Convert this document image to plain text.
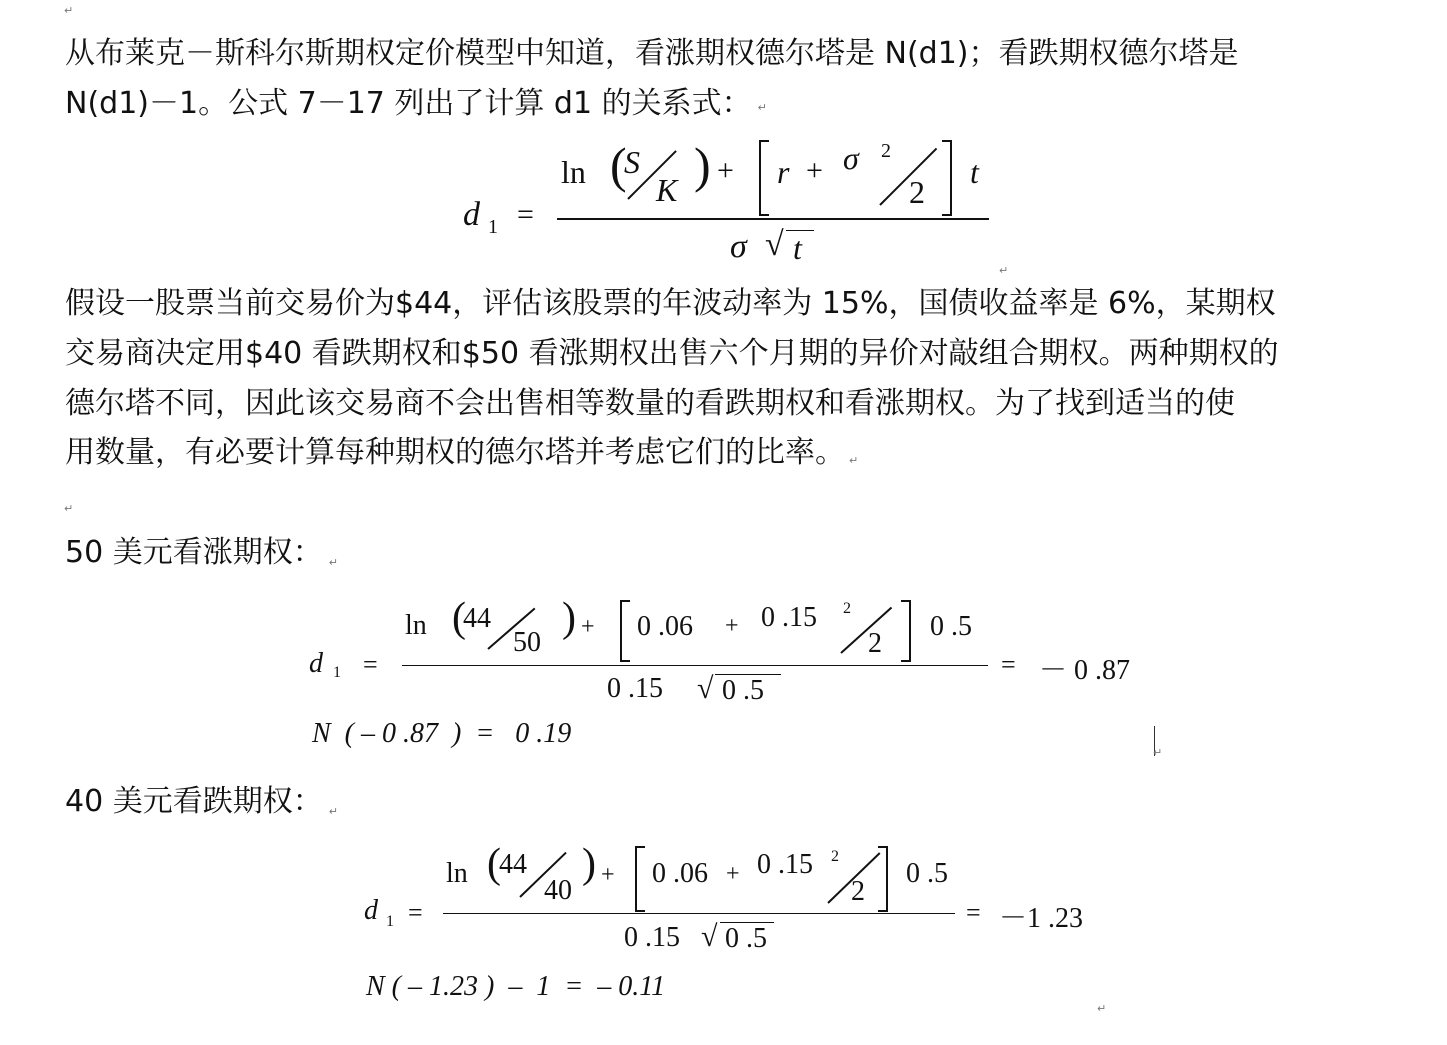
↵
从布莱克－斯科尔斯期权定价模型中知道，看涨期权德尔塔是 N(d1)；看跌期权德尔塔是
N(d1)－1。公式 7－17 列出了计算 d1 的关系式： ↵
d 1 =
ln (
S
K ) + r + σ 2
2
t
σ √ t
↵
假设一股票当前交易价为$44，评估该股票的年波动率为 15%，国债收益率是 6%，某期权
交易商决定用$40 看跌期权和$50 看涨期权出售六个月期的异价对敲组合期权。两种期权的
德尔塔不同，因此该交易商不会出售相等数量的看跌期权和看涨期权。为了找到适当的使
用数量，有必要计算每种期权的德尔塔并考虑它们的比率。 ↵
↵
50 美元看涨期权： ↵
d 1 =
ln (
44
50
) + 0 .06 + 0 .15 2
2
0 .5
0 .15 √ 0 .5
= － 0 .87
N  ( – 0 .87  )  =   0 .19
↵
40 美元看跌期权： ↵
d 1 =
ln (
44
40
) + 0 .06 + 0 .15 2
2
0 .5
0 .15 √ 0 .5
= －1 .23
N ( – 1.23 )  –  1  =  – 0.11
↵
